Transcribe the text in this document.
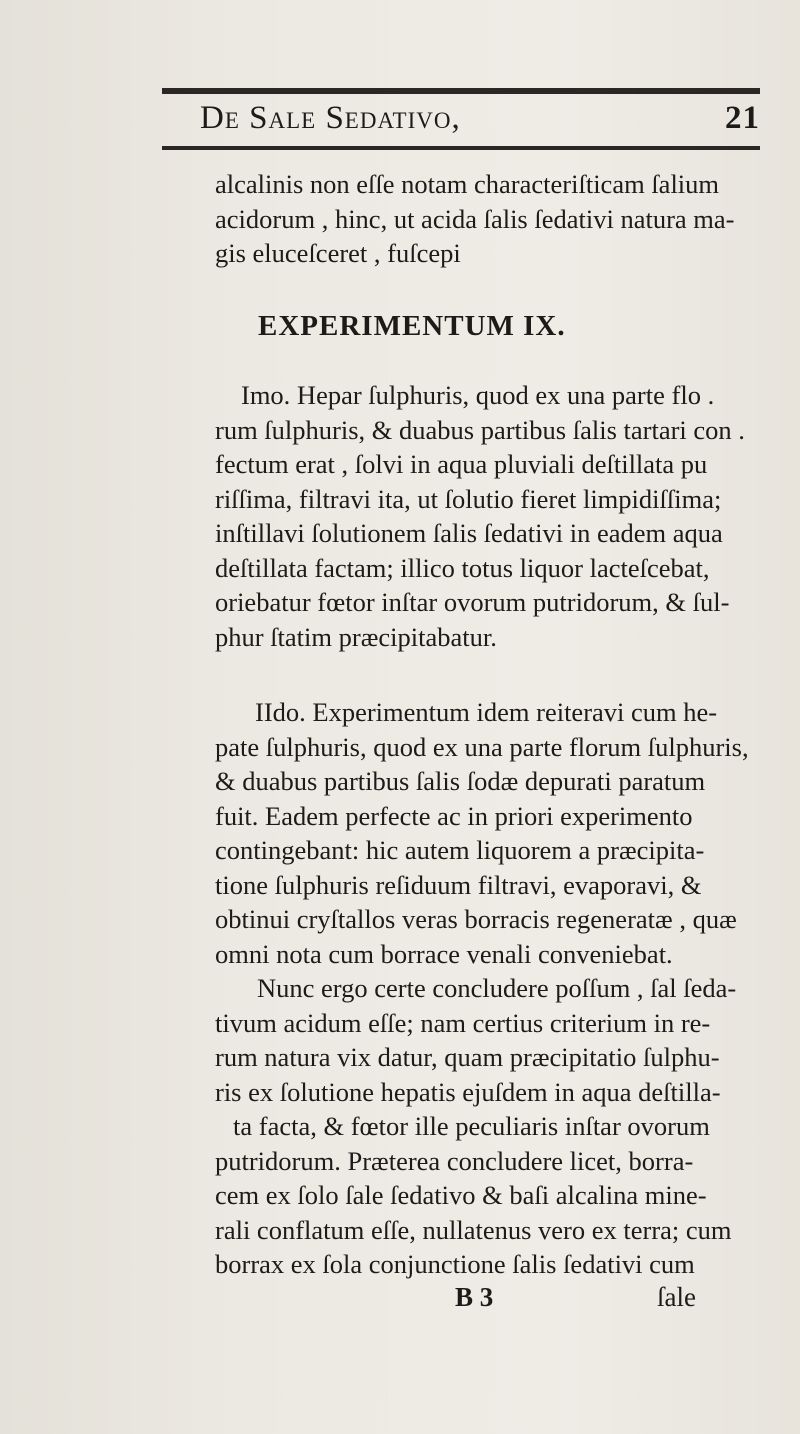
De Sale Sedativo,	21
alcalinis non eſſe notam characteriſticam ſalium
acidorum , hinc, ut acida ſalis ſedativi natura ma-
gis eluceſceret , fuſcepi
EXPERIMENTUM IX.
Imo. Hepar ſulphuris, quod ex una parte flo .
rum ſulphuris, & duabus partibus ſalis tartari con .
fectum erat , ſolvi in aqua pluviali deſtillata pu
riſſima, filtravi ita, ut ſolutio fieret limpidiſſima;
inſtillavi ſolutionem ſalis ſedativi in eadem aqua
deſtillata factam; illico totus liquor lacteſcebat,
oriebatur fœtor inſtar ovorum putridorum, & ſul-
phur ſtatim præcipitabatur.
IIdo. Experimentum idem reiteravi cum he-
pate ſulphuris, quod ex una parte florum ſulphuris,
& duabus partibus ſalis ſodæ depurati paratum
fuit. Eadem perfecte ac in priori experimento
contingebant: hic autem liquorem a præcipita-
tione ſulphuris reſiduum filtravi, evaporavi, &
obtinui cryſtallos veras borracis regeneratæ , quæ
omni nota cum borrace venali conveniebat.
Nunc ergo certe concludere poſſum , ſal ſeda-
tivum acidum eſſe; nam certius criterium in re-
rum natura vix datur, quam præcipitatio ſulphu-
ris ex ſolutione hepatis ejuſdem in aqua deſtilla-
ta facta, & fœtor ille peculiaris inſtar ovorum
putridorum. Præterea concludere licet, borra-
cem ex ſolo ſale ſedativo & baſi alcalina mine-
rali conflatum eſſe, nullatenus vero ex terra; cum
borrax ex ſola conjunctione ſalis ſedativi cum
B 3	ſale
